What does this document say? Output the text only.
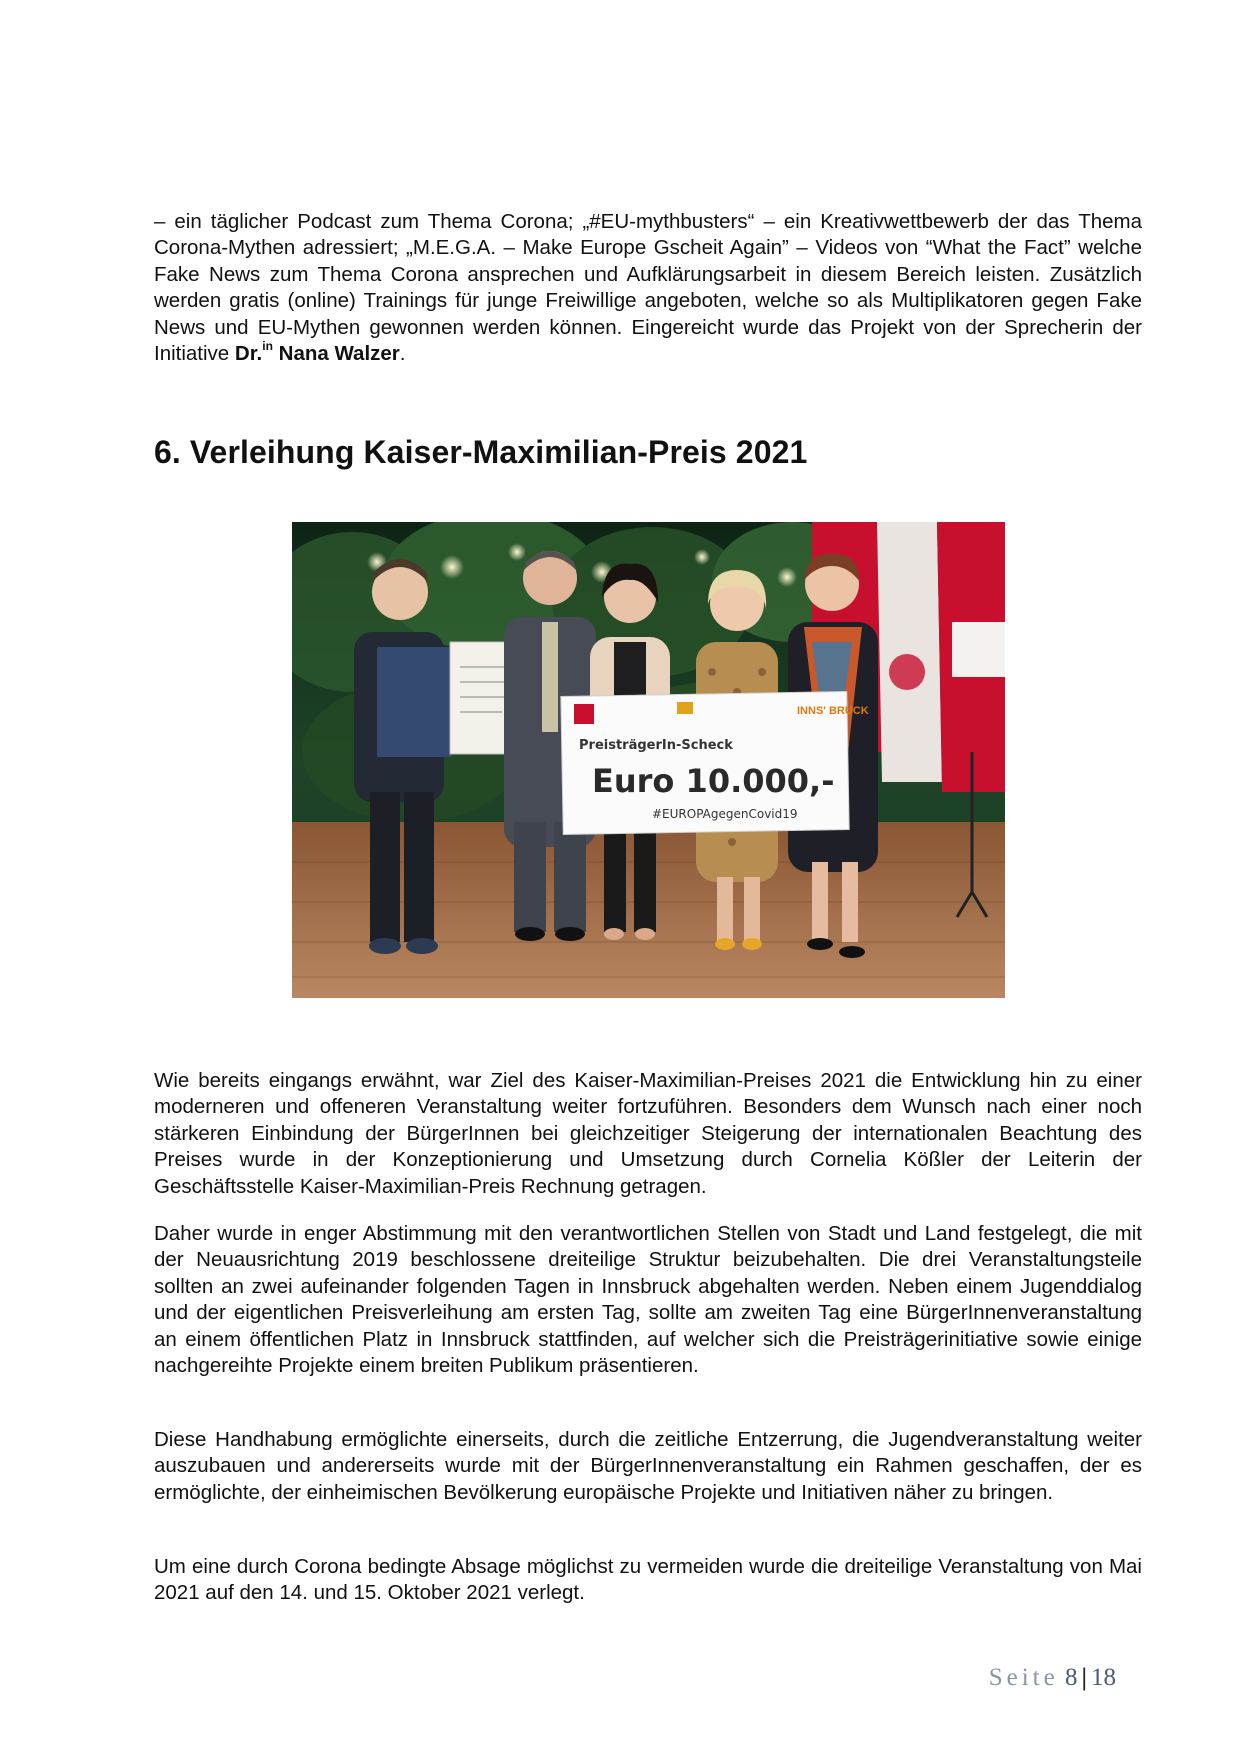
– ein täglicher Podcast zum Thema Corona; „#EU-mythbusters“ – ein Kreativwettbewerb der das Thema Corona-Mythen adressiert; „M.E.G.A. – Make Europe Gscheit Again” – Videos von “What the Fact” welche Fake News zum Thema Corona ansprechen und Aufklärungsarbeit in diesem Bereich leisten. Zusätzlich werden gratis (online) Trainings für junge Freiwillige angeboten, welche so als Multiplikatoren gegen Fake News und EU-Mythen gewonnen werden können. Eingereicht wurde das Projekt von der Sprecherin der Initiative Dr.$^{in}$ Nana Walzer.

6. Verleihung Kaiser-Maximilian-Preis 2021
INNS' BRUCK
PreisträgerIn-Scheck
Euro 10.000,-
#EUROPAgegenCovid19

Wie bereits eingangs erwähnt, war Ziel des Kaiser-Maximilian-Preises 2021 die Entwicklung hin zu einer moderneren und offeneren Veranstaltung weiter fortzuführen. Besonders dem Wunsch nach einer noch stärkeren Einbindung der BürgerInnen bei gleichzeitiger Steigerung der internationalen Beachtung des Preises wurde in der Konzeptionierung und Umsetzung durch Cornelia Kößler der Leiterin der Geschäftsstelle Kaiser-Maximilian-Preis Rechnung getragen.

Daher wurde in enger Abstimmung mit den verantwortlichen Stellen von Stadt und Land festgelegt, die mit der Neuausrichtung 2019 beschlossene dreiteilige Struktur beizubehalten. Die drei Veranstaltungsteile sollten an zwei aufeinander folgenden Tagen in Innsbruck abgehalten werden. Neben einem Jugenddialog und der eigentlichen Preisverleihung am ersten Tag, sollte am zweiten Tag eine BürgerInnenveranstaltung an einem öffentlichen Platz in Innsbruck stattfinden, auf welcher sich die Preisträgerinitiative sowie einige nachgereihte Projekte einem breiten Publikum präsentieren.

Diese Handhabung ermöglichte einerseits, durch die zeitliche Entzerrung, die Jugendveranstaltung weiter auszubauen und andererseits wurde mit der BürgerInnenveranstaltung ein Rahmen geschaffen, der es ermöglichte, der einheimischen Bevölkerung europäische Projekte und Initiativen näher zu bringen.

Um eine durch Corona bedingte Absage möglichst zu vermeiden wurde die dreiteilige Veranstaltung von Mai 2021 auf den 14. und 15. Oktober 2021 verlegt.

Seite 8 | 18
